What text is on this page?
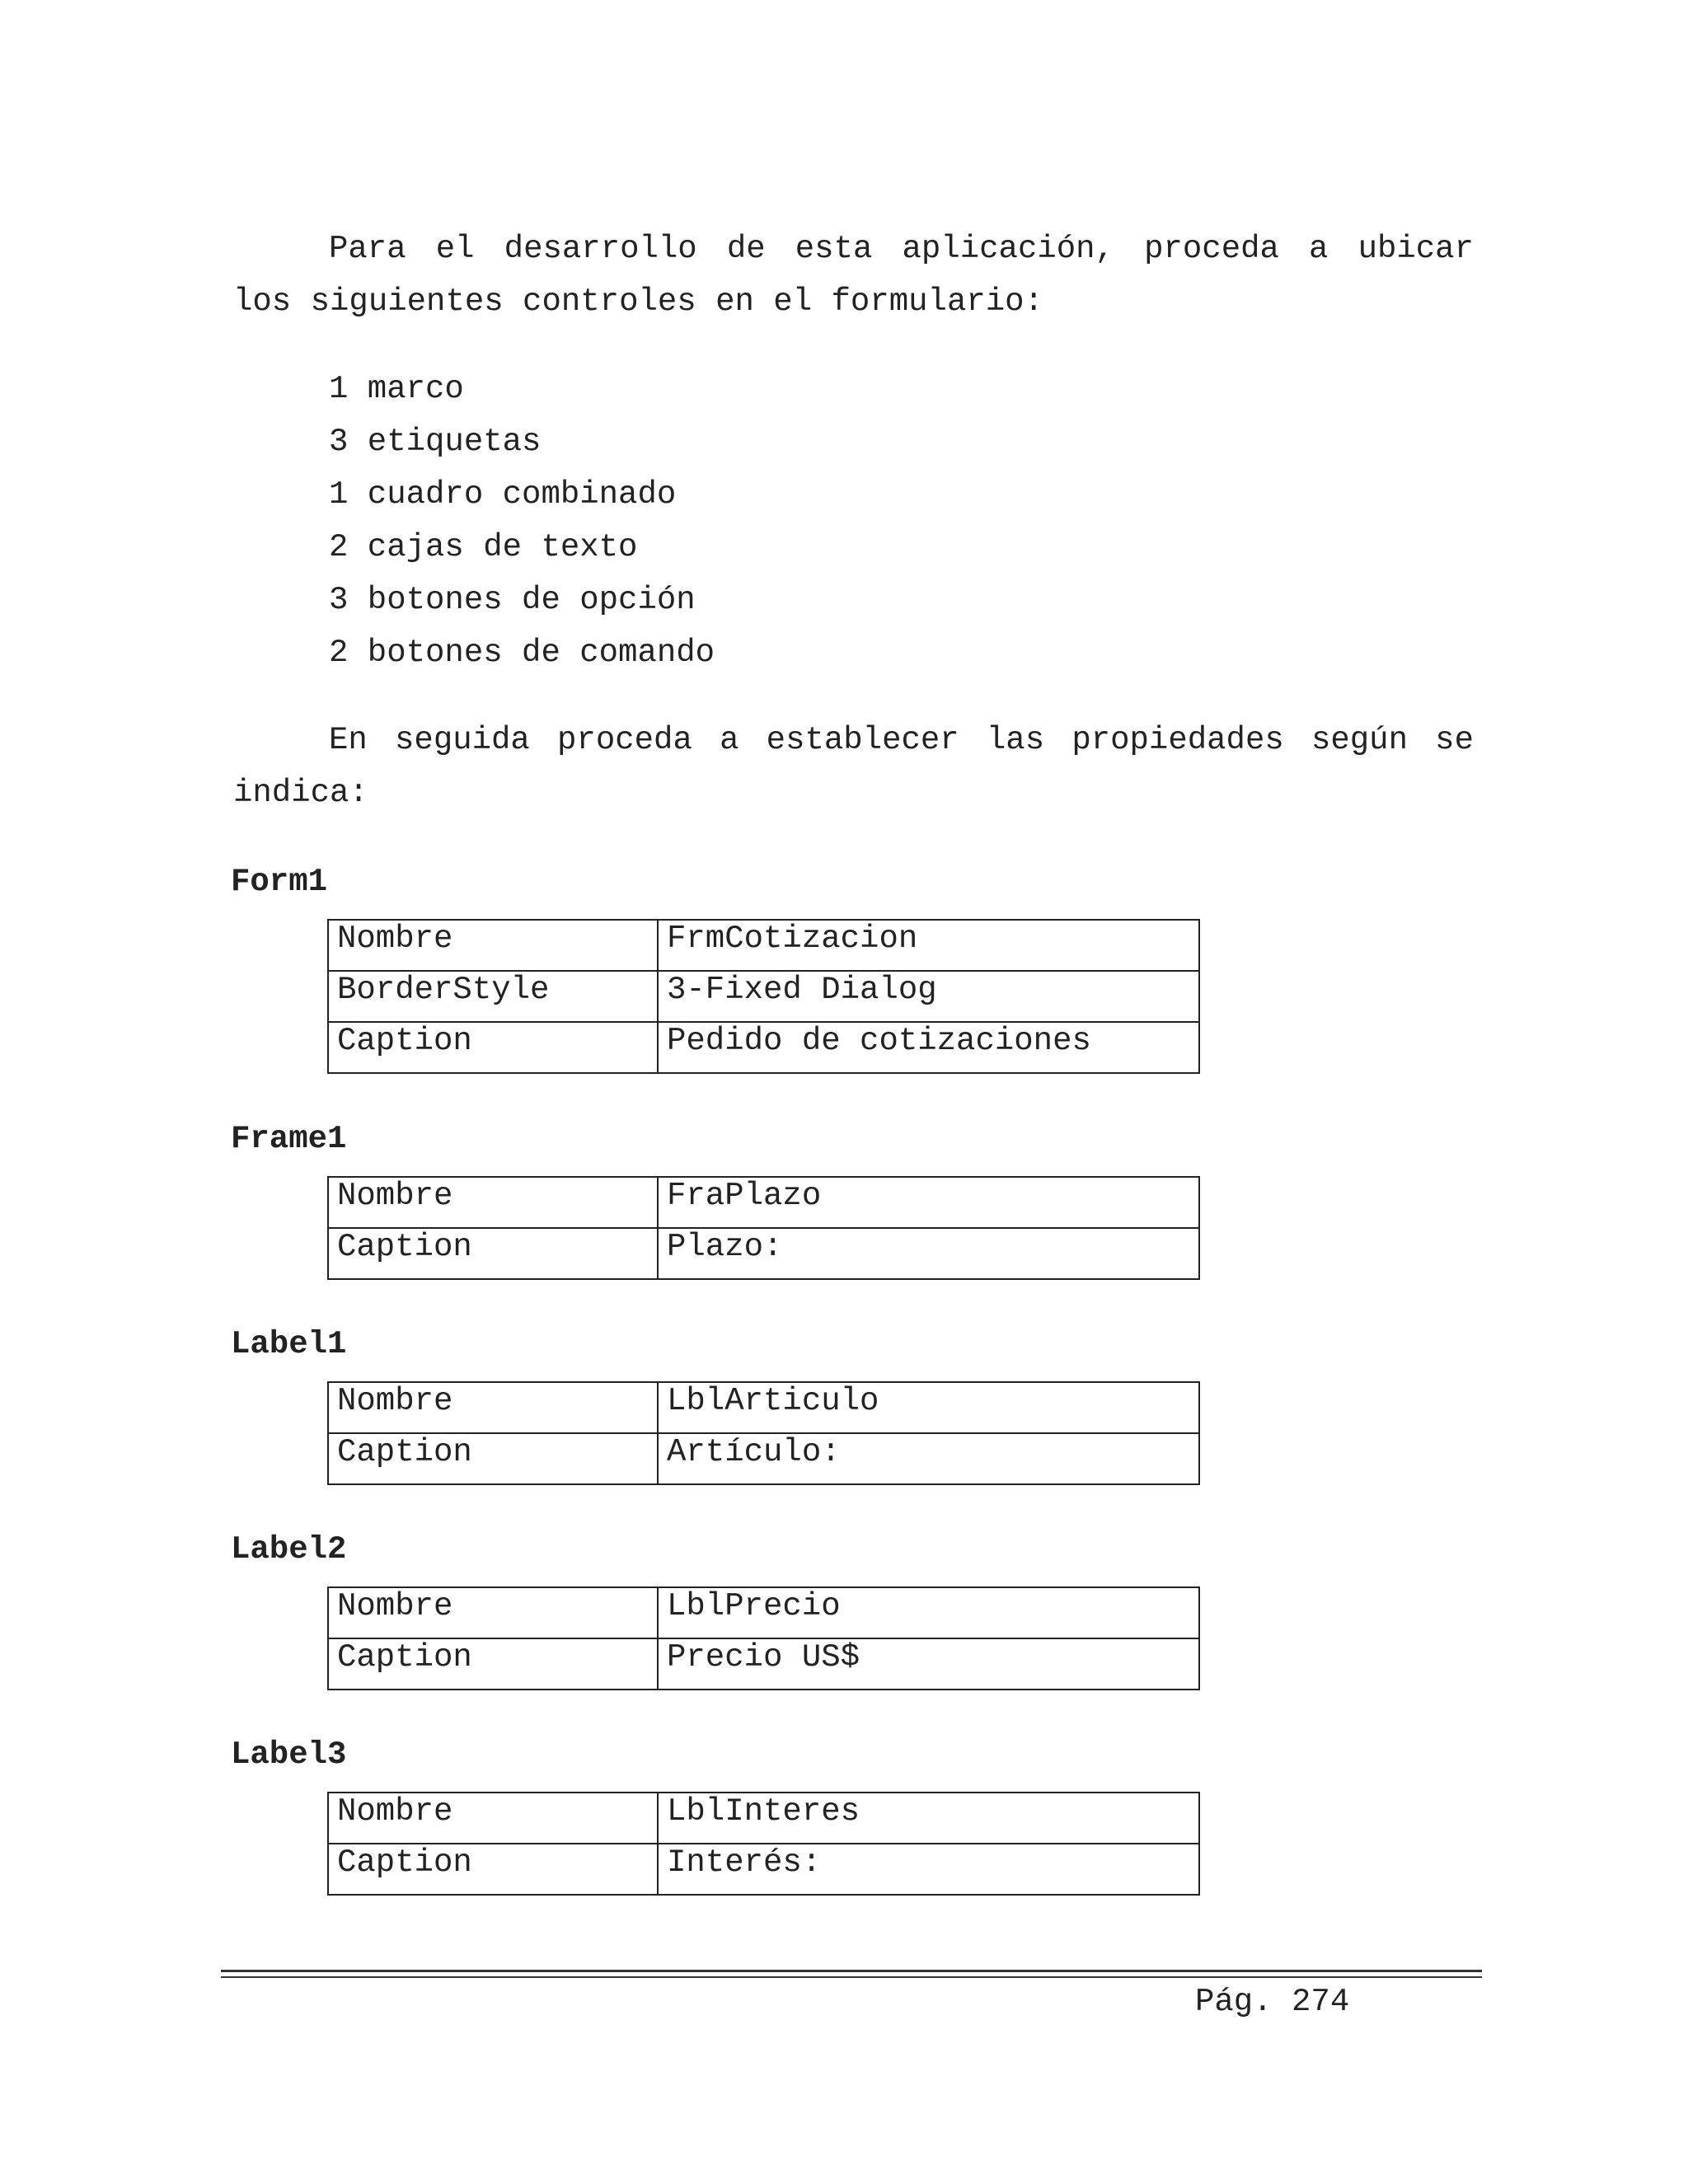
Para el desarrollo de esta aplicación, proceda a ubicar
los siguientes controles en el formulario:
1 marco
3 etiquetas
1 cuadro combinado
2 cajas de texto
3 botones de opción
2 botones de comando
En seguida proceda a establecer las propiedades según se
indica:
Form1
Nombre	FrmCotizacion
BorderStyle	3-Fixed Dialog
Caption	Pedido de cotizaciones
Frame1
Nombre	FraPlazo
Caption	Plazo:
Label1
Nombre	LblArticulo
Caption	Artículo:
Label2
Nombre	LblPrecio
Caption	Precio US$
Label3
Nombre	LblInteres
Caption	Interés:
Pág. 274
